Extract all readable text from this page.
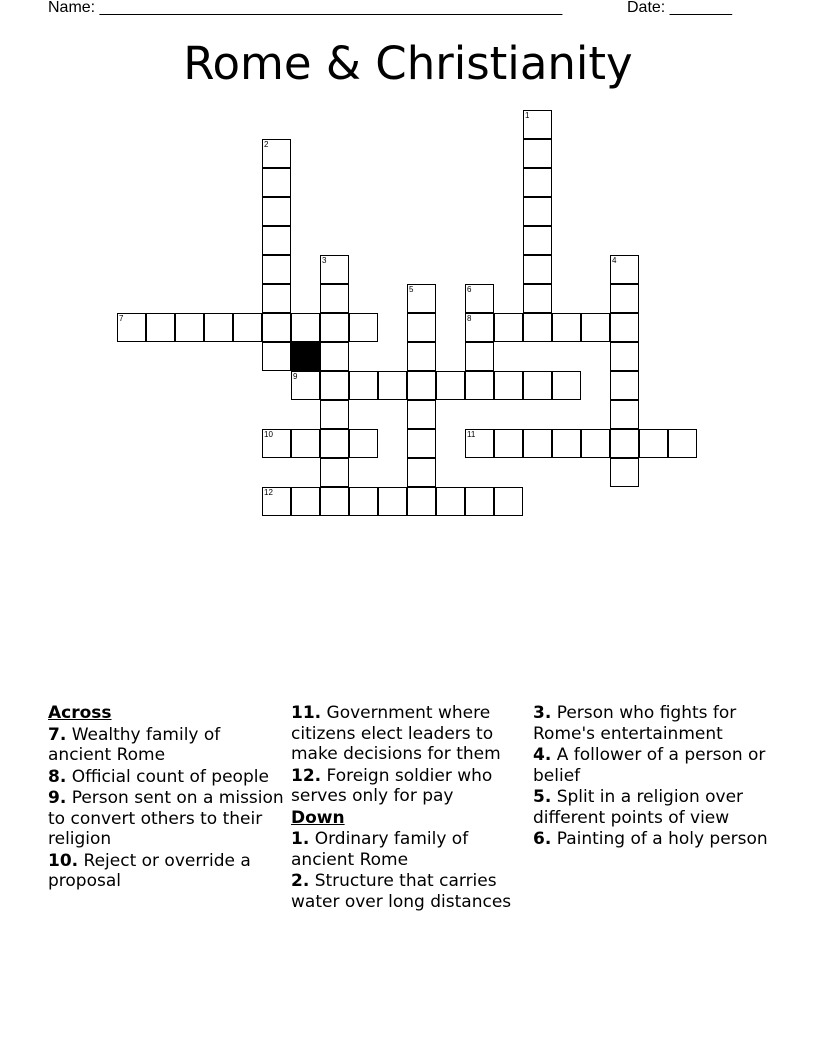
Name: ____________________________________________________	Date: _______
Rome & Christianity
7	8
9
10	11
12
1
2
3	4
5	6
Across
7. Wealthy family of ancient Rome
8. Official count of people
9. Person sent on a mission to convert others to their religion
10. Reject or override a proposal
11. Government where citizens elect leaders to make decisions for them
12. Foreign soldier who serves only for pay
Down
1. Ordinary family of ancient Rome
2. Structure that carries water over long distances
3. Person who fights for Rome's entertainment
4. A follower of a person or belief
5. Split in a religion over different points of view
6. Painting of a holy person
